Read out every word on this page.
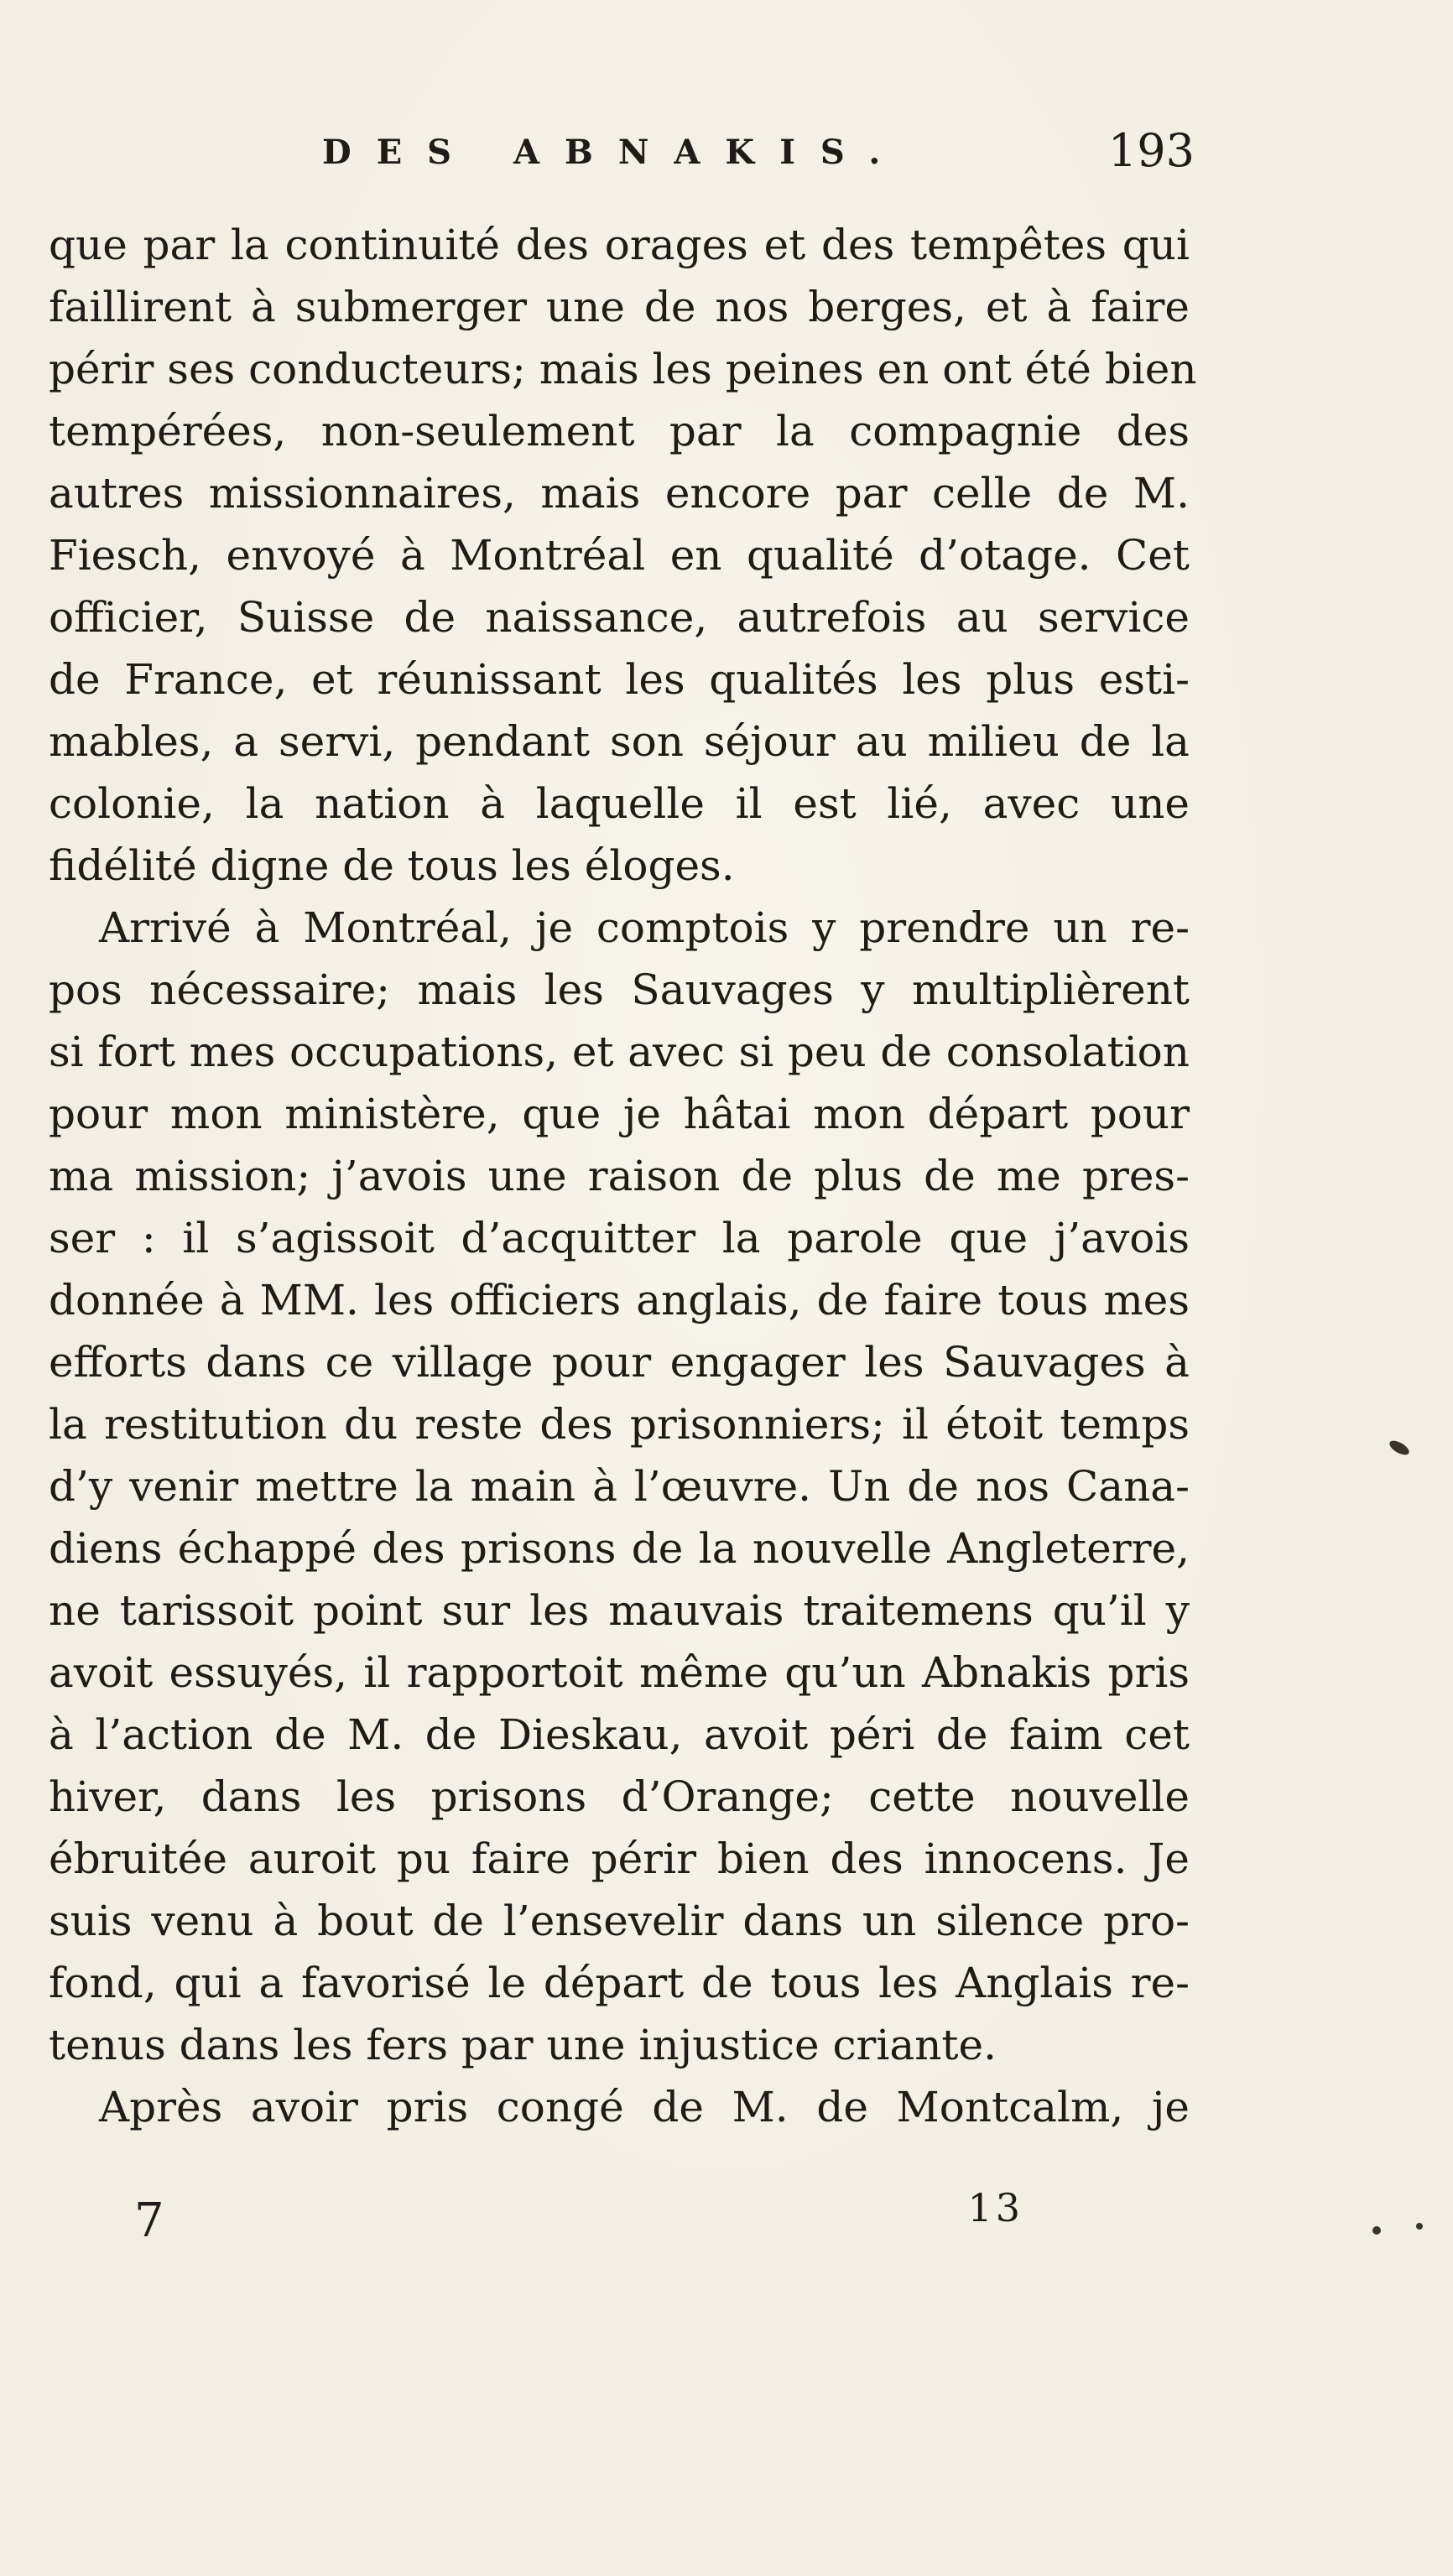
DES ABNAKIS.	193
que par la continuité des orages et des tempêtes qui
faillirent à submerger une de nos berges, et à faire
périr ses conducteurs; mais les peines en ont été bien
tempérées, non-seulement par la compagnie des
autres missionnaires, mais encore par celle de M.
Fiesch, envoyé à Montréal en qualité d’otage. Cet
officier, Suisse de naissance, autrefois au service
de France, et réunissant les qualités les plus esti-
mables, a servi, pendant son séjour au milieu de la
colonie, la nation à laquelle il est lié, avec une
fidélité digne de tous les éloges.
Arrivé à Montréal, je comptois y prendre un re-
pos nécessaire; mais les Sauvages y multiplièrent
si fort mes occupations, et avec si peu de consolation
pour mon ministère, que je hâtai mon départ pour
ma mission; j’avois une raison de plus de me pres-
ser : il s’agissoit d’acquitter la parole que j’avois
donnée à MM. les officiers anglais, de faire tous mes
efforts dans ce village pour engager les Sauvages à
la restitution du reste des prisonniers; il étoit temps
d’y venir mettre la main à l’œuvre. Un de nos Cana-
diens échappé des prisons de la nouvelle Angleterre,
ne tarissoit point sur les mauvais traitemens qu’il y
avoit essuyés, il rapportoit même qu’un Abnakis pris
à l’action de M. de Dieskau, avoit péri de faim cet
hiver, dans les prisons d’Orange; cette nouvelle
ébruitée auroit pu faire périr bien des innocens. Je
suis venu à bout de l’ensevelir dans un silence pro-
fond, qui a favorisé le départ de tous les Anglais re-
tenus dans les fers par une injustice criante.
Après avoir pris congé de M. de Montcalm, je
7	13
